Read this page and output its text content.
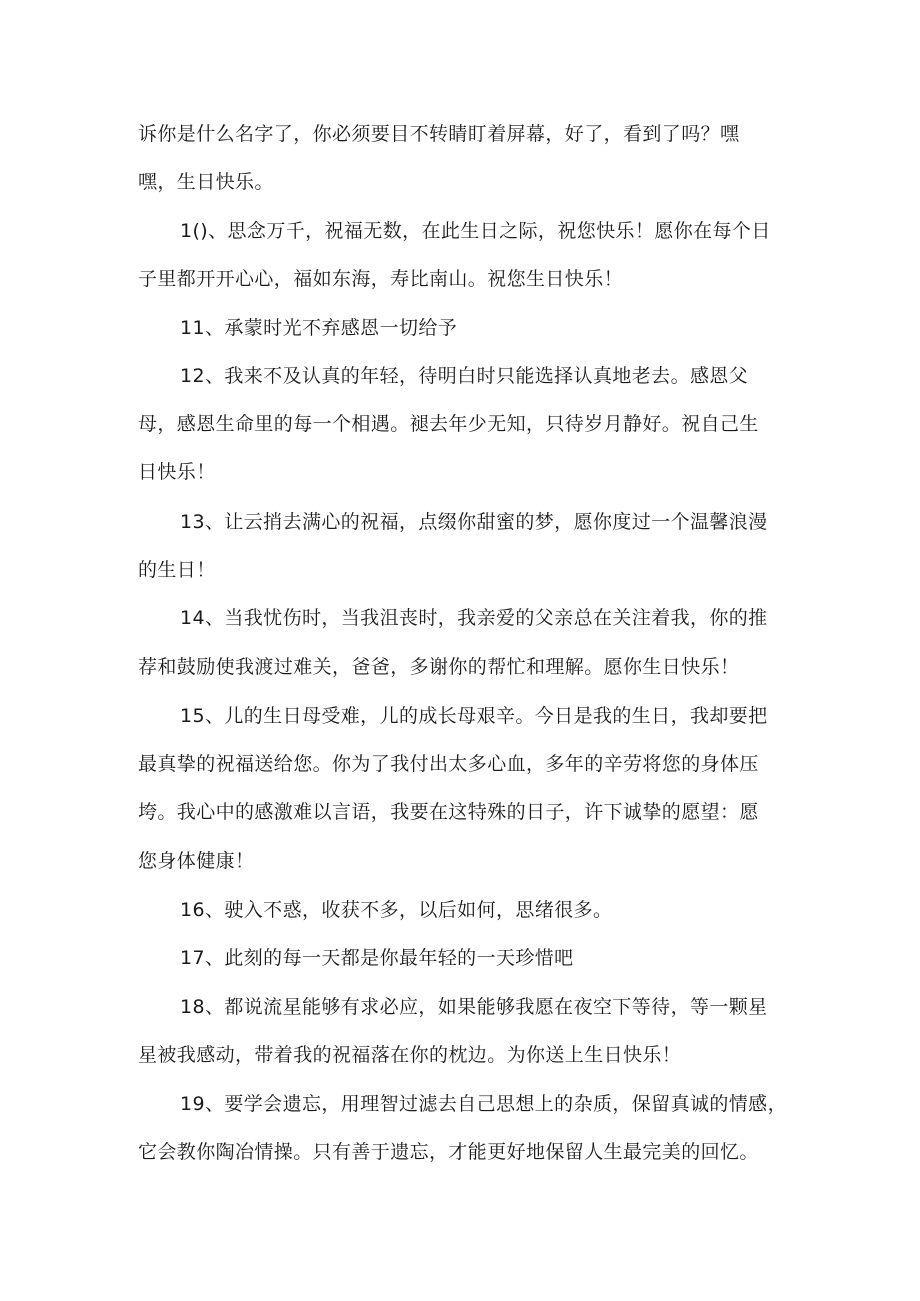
诉你是什么名字了，你必须要目不转睛盯着屏幕，好了，看到了吗？嘿

嘿，生日快乐。

1()、思念万千，祝福无数，在此生日之际，祝您快乐！愿你在每个日

子里都开开心心，福如东海，寿比南山。祝您生日快乐！

11、承蒙时光不弃感恩一切给予

12、我来不及认真的年轻，待明白时只能选择认真地老去。感恩父

母，感恩生命里的每一个相遇。褪去年少无知，只待岁月静好。祝自己生

日快乐！

13、让云捎去满心的祝福，点缀你甜蜜的梦，愿你度过一个温馨浪漫

的生日！

14、当我忧伤时，当我沮丧时，我亲爱的父亲总在关注着我，你的推

荐和鼓励使我渡过难关，爸爸，多谢你的帮忙和理解。愿你生日快乐！

15、儿的生日母受难，儿的成长母艰辛。今日是我的生日，我却要把

最真挚的祝福送给您。你为了我付出太多心血，多年的辛劳将您的身体压

垮。我心中的感激难以言语，我要在这特殊的日子，许下诚挚的愿望：愿

您身体健康！

16、驶入不惑，收获不多，以后如何，思绪很多。

17、此刻的每一天都是你最年轻的一天珍惜吧

18、都说流星能够有求必应，如果能够我愿在夜空下等待，等一颗星

星被我感动，带着我的祝福落在你的枕边。为你送上生日快乐！

19、要学会遗忘，用理智过滤去自己思想上的杂质，保留真诚的情感，

它会教你陶冶情操。只有善于遗忘，才能更好地保留人生最完美的回忆。
